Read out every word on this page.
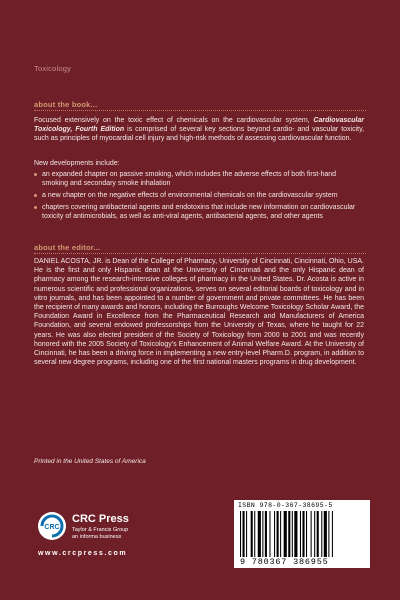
Toxicology
about the book...
Focused extensively on the toxic effect of chemicals on the cardiovascular system, Cardiovascular Toxicology, Fourth Edition is comprised of several key sections beyond cardio- and vascular toxicity, such as principles of myocardial cell injury and high-risk methods of assessing cardiovascular function.
New developments include:
an expanded chapter on passive smoking, which includes the adverse effects of both first-hand smoking and secondary smoke inhalation
a new chapter on the negative effects of environmental chemicals on the cardiovascular system
chapters covering antibacterial agents and endotoxins that include new information on cardiovascular toxicity of antimicrobials, as well as anti-viral agents, antibacterial agents, and other agents
about the editor...
DANIEL ACOSTA, JR. is Dean of the College of Pharmacy, University of Cincinnati, Cincinnati, Ohio, USA. He is the first and only Hispanic dean at the University of Cincinnati and the only Hispanic dean of pharmacy among the research-intensive colleges of pharmacy in the United States. Dr. Acosta is active in numerous scientific and professional organizations, serves on several editorial boards of toxicology and in vitro journals, and has been appointed to a number of government and private committees. He has been the recipient of many awards and honors, including the Burroughs Welcome Toxicology Scholar Award, the Foundation Award in Excellence from the Pharmaceutical Research and Manufacturers of America Foundation, and several endowed professorships from the University of Texas, where he taught for 22 years. He was also elected president of the Society of Toxicology from 2000 to 2001 and was recently honored with the 2005 Society of Toxicology's Enhancement of Animal Welfare Award. At the University of Cincinnati, he has been a driving force in implementing a new entry-level Pharm.D. program, in addition to several new degree programs, including one of the first national masters programs in drug development.
Printed in the United States of America
CRC
CRC Press
Taylor & Francis Group
an informa business
www.crcpress.com
ISBN 978-0-367-38695-5
9 780367 386955
